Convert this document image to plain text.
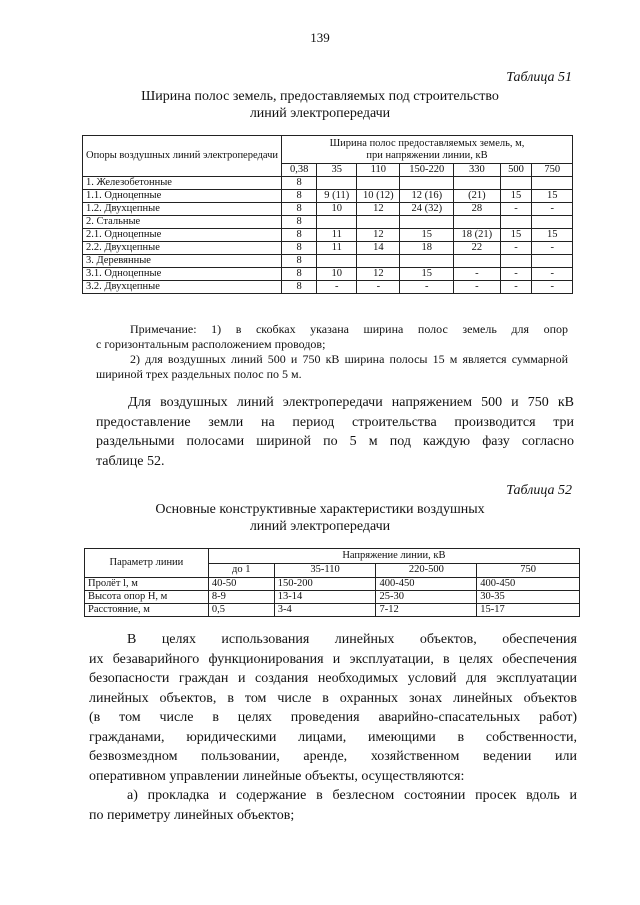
139
Таблица 51
Ширина полос земель, предоставляемых под строительство
линий электропередачи
Опоры воздушных линий электропередачи	Ширина полос предоставляемых земель, м,
при напряжении линии, кВ						

	0,38	35	110	150-220	330	500	750
1. Железобетонные	8						
1.1. Одноцепные	8	9 (11)	10 (12)	12 (16)	(21)	15	15
1.2. Двухцепные	8	10	12	24 (32)	28	-	-
2. Стальные	8						
2.1. Одноцепные	8	11	12	15	18 (21)	15	15
2.2. Двухцепные	8	11	14	18	22	-	-
3. Деревянные	8						
3.1. Одноцепные	8	10	12	15	-	-	-
3.2. Двухцепные	8	-	-	-	-	-	-
Примечание: 1) в скобках указана ширина полос земель для опор
с горизонтальным расположением проводов;
2) для воздушных линий 500 и 750 кВ ширина полосы 15 м является суммарной
шириной трех раздельных полос по 5 м.
Для воздушных линий электропередачи напряжением 500 и 750 кВ
предоставление земли на период строительства производится три
раздельными полосами шириной по 5 м под каждую фазу согласно
таблице 52.
Таблица 52
Основные конструктивные характеристики воздушных
линий электропередачи
Параметр линии	Напряжение линии, кВ			
	до 1	35-110	220-500	750
Пролёт l, м	40-50	150-200	400-450	400-450
Высота опор Н, м	8-9	13-14	25-30	30-35
Расстояние, м	0,5	3-4	7-12	15-17
В целях использования линейных объектов, обеспечения
их безаварийного функционирования и эксплуатации, в целях обеспечения
безопасности граждан и создания необходимых условий для эксплуатации
линейных объектов, в том числе в охранных зонах линейных объектов
(в том числе в целях проведения аварийно-спасательных работ)
гражданами, юридическими лицами, имеющими в собственности,
безвозмездном пользовании, аренде, хозяйственном ведении или
оперативном управлении линейные объекты, осуществляются:
а) прокладка и содержание в безлесном состоянии просек вдоль и
по периметру линейных объектов;
